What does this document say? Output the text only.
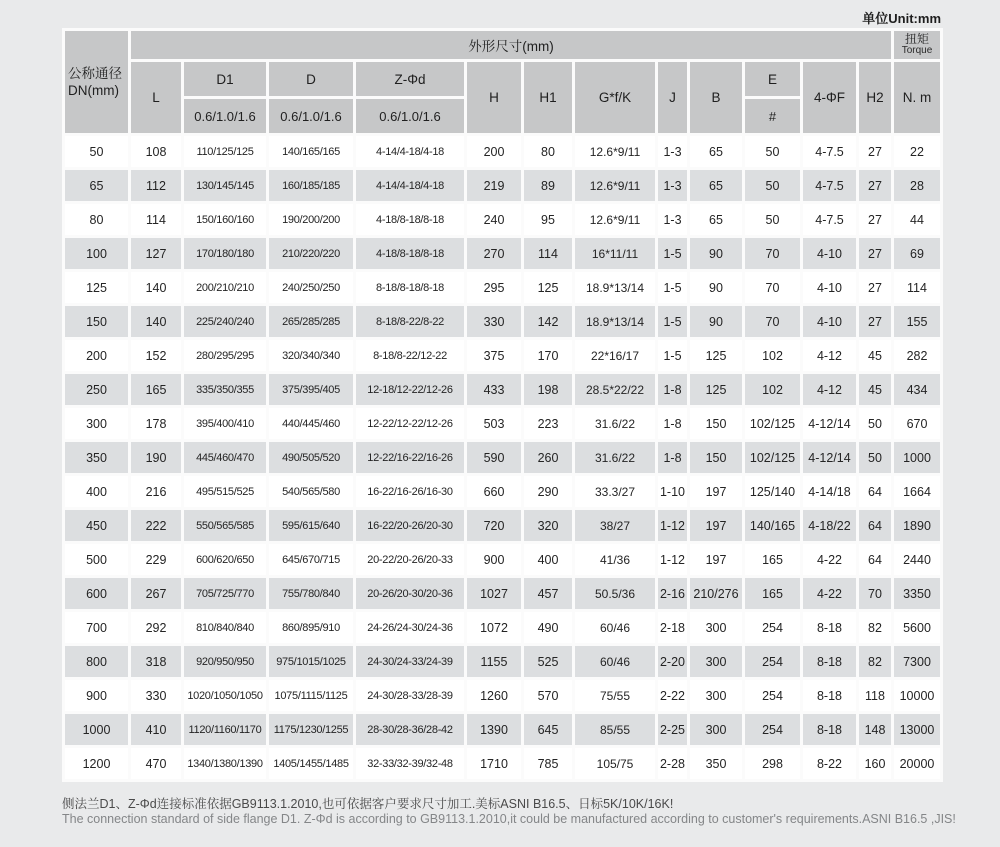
单位Unit:mm
公称通径
DN(mm)	外形尺寸(mm)												扭矩
Torque

	L	D1	D	Z-Φd	H	H1	G*f/K	J	B	E	4-ΦF	H2	N. m
		0.6/1.0/1.6	0.6/1.0/1.6	0.6/1.0/1.6						#			
50	108	110/125/125	140/165/165	4-14/4-18/4-18	200	80	12.6*9/11	1-3	65	50	4-7.5	27	22
65	112	130/145/145	160/185/185	4-14/4-18/4-18	219	89	12.6*9/11	1-3	65	50	4-7.5	27	28
80	114	150/160/160	190/200/200	4-18/8-18/8-18	240	95	12.6*9/11	1-3	65	50	4-7.5	27	44
100	127	170/180/180	210/220/220	4-18/8-18/8-18	270	114	16*11/11	1-5	90	70	4-10	27	69
125	140	200/210/210	240/250/250	8-18/8-18/8-18	295	125	18.9*13/14	1-5	90	70	4-10	27	114
150	140	225/240/240	265/285/285	8-18/8-22/8-22	330	142	18.9*13/14	1-5	90	70	4-10	27	155
200	152	280/295/295	320/340/340	8-18/8-22/12-22	375	170	22*16/17	1-5	125	102	4-12	45	282
250	165	335/350/355	375/395/405	12-18/12-22/12-26	433	198	28.5*22/22	1-8	125	102	4-12	45	434
300	178	395/400/410	440/445/460	12-22/12-22/12-26	503	223	31.6/22	1-8	150	102/125	4-12/14	50	670
350	190	445/460/470	490/505/520	12-22/16-22/16-26	590	260	31.6/22	1-8	150	102/125	4-12/14	50	1000
400	216	495/515/525	540/565/580	16-22/16-26/16-30	660	290	33.3/27	1-10	197	125/140	4-14/18	64	1664
450	222	550/565/585	595/615/640	16-22/20-26/20-30	720	320	38/27	1-12	197	140/165	4-18/22	64	1890
500	229	600/620/650	645/670/715	20-22/20-26/20-33	900	400	41/36	1-12	197	165	4-22	64	2440
600	267	705/725/770	755/780/840	20-26/20-30/20-36	1027	457	50.5/36	2-16	210/276	165	4-22	70	3350
700	292	810/840/840	860/895/910	24-26/24-30/24-36	1072	490	60/46	2-18	300	254	8-18	82	5600
800	318	920/950/950	975/1015/1025	24-30/24-33/24-39	1155	525	60/46	2-20	300	254	8-18	82	7300
900	330	1020/1050/1050	1075/1115/1125	24-30/28-33/28-39	1260	570	75/55	2-22	300	254	8-18	118	10000
1000	410	1120/1160/1170	1175/1230/1255	28-30/28-36/28-42	1390	645	85/55	2-25	300	254	8-18	148	13000
1200	470	1340/1380/1390	1405/1455/1485	32-33/32-39/32-48	1710	785	105/75	2-28	350	298	8-22	160	20000
侧法兰D1、Z-Φd连接标准依据GB9113.1.2010,也可依据客户要求尺寸加工.美标ASNI B16.5、日标5K/10K/16K!
The connection standard of side flange D1. Z-Φd is according to GB9113.1.2010,it could be manufactured according to customer's requirements.ASNI B16.5 ,JIS!
